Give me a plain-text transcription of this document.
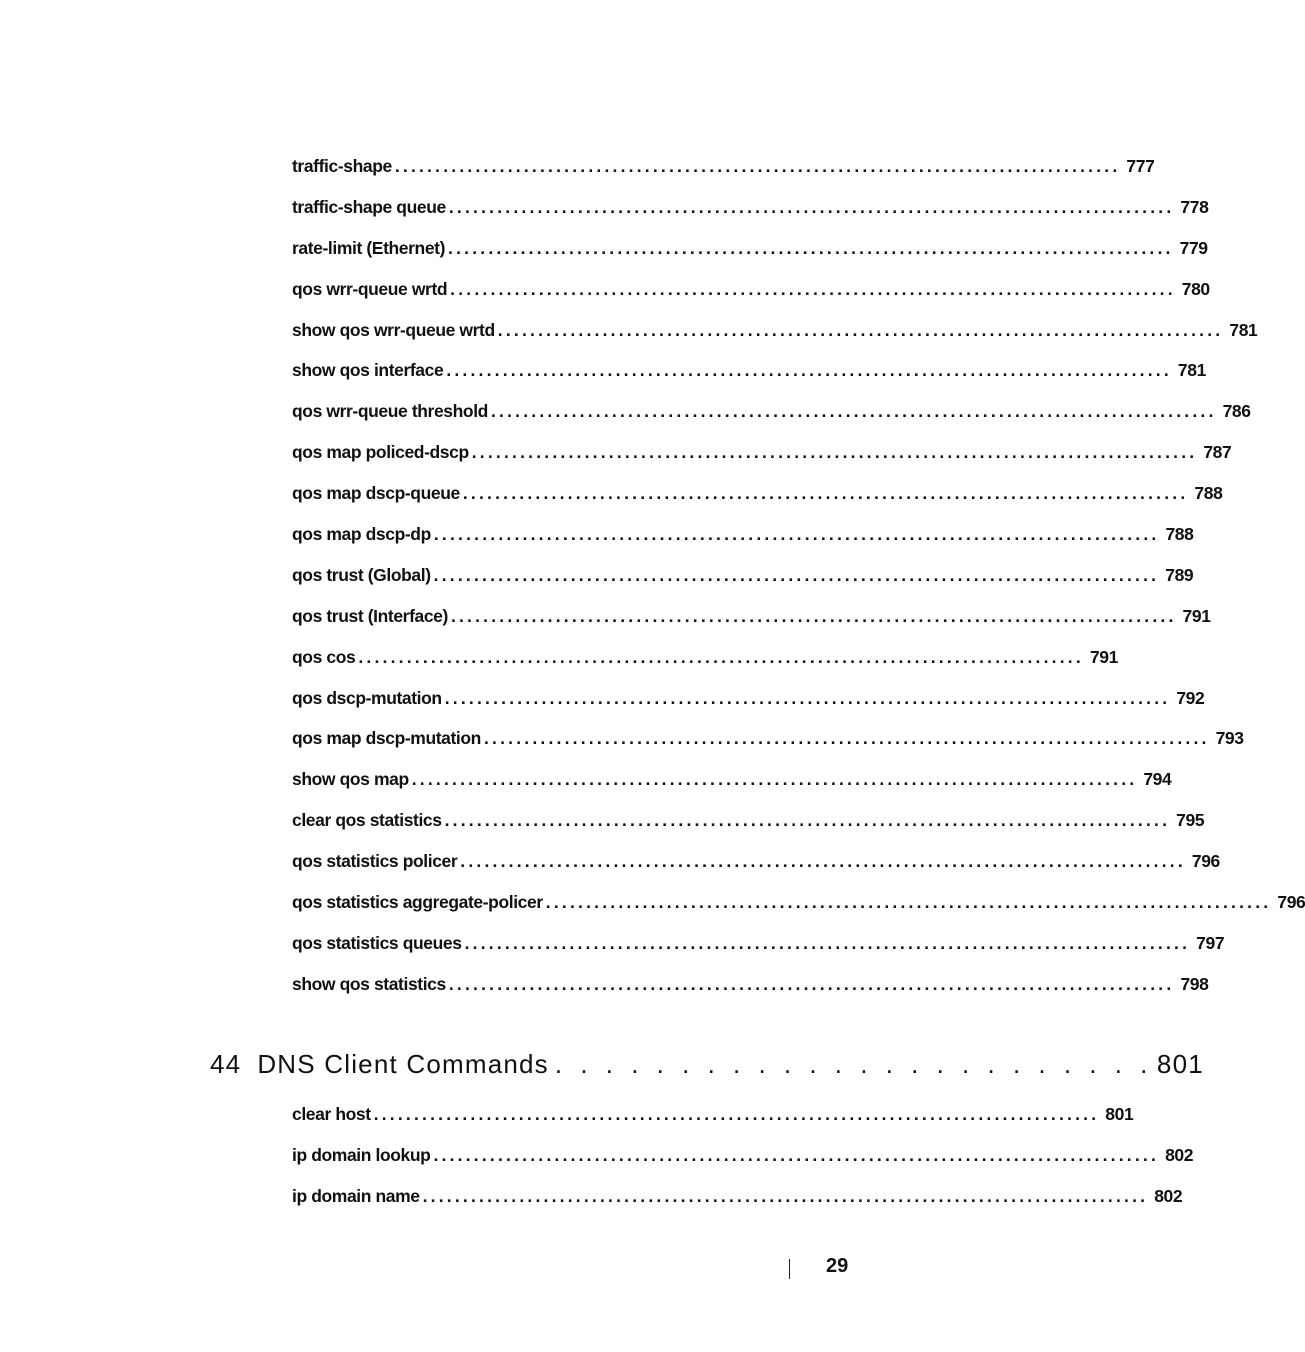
traffic-shape .......................................................................................... 777
traffic-shape queue .......................................................................................... 778
rate-limit (Ethernet) .......................................................................................... 779
qos wrr-queue wrtd .......................................................................................... 780
show qos wrr-queue wrtd .......................................................................................... 781
show qos interface .......................................................................................... 781
qos wrr-queue threshold .......................................................................................... 786
qos map policed-dscp .......................................................................................... 787
qos map dscp-queue .......................................................................................... 788
qos map dscp-dp .......................................................................................... 788
qos trust (Global) .......................................................................................... 789
qos trust (Interface) .......................................................................................... 791
qos cos .......................................................................................... 791
qos dscp-mutation .......................................................................................... 792
qos map dscp-mutation .......................................................................................... 793
show qos map .......................................................................................... 794
clear qos statistics .......................................................................................... 795
qos statistics policer .......................................................................................... 796
qos statistics aggregate-policer .......................................................................................... 796
qos statistics queues .......................................................................................... 797
show qos statistics .......................................................................................... 798
44 DNS Client Commands . . . . . . . . . . . . . . . . . . . . . . . . 801
clear host .......................................................................................... 801
ip domain lookup .......................................................................................... 802
ip domain name .......................................................................................... 802
29
